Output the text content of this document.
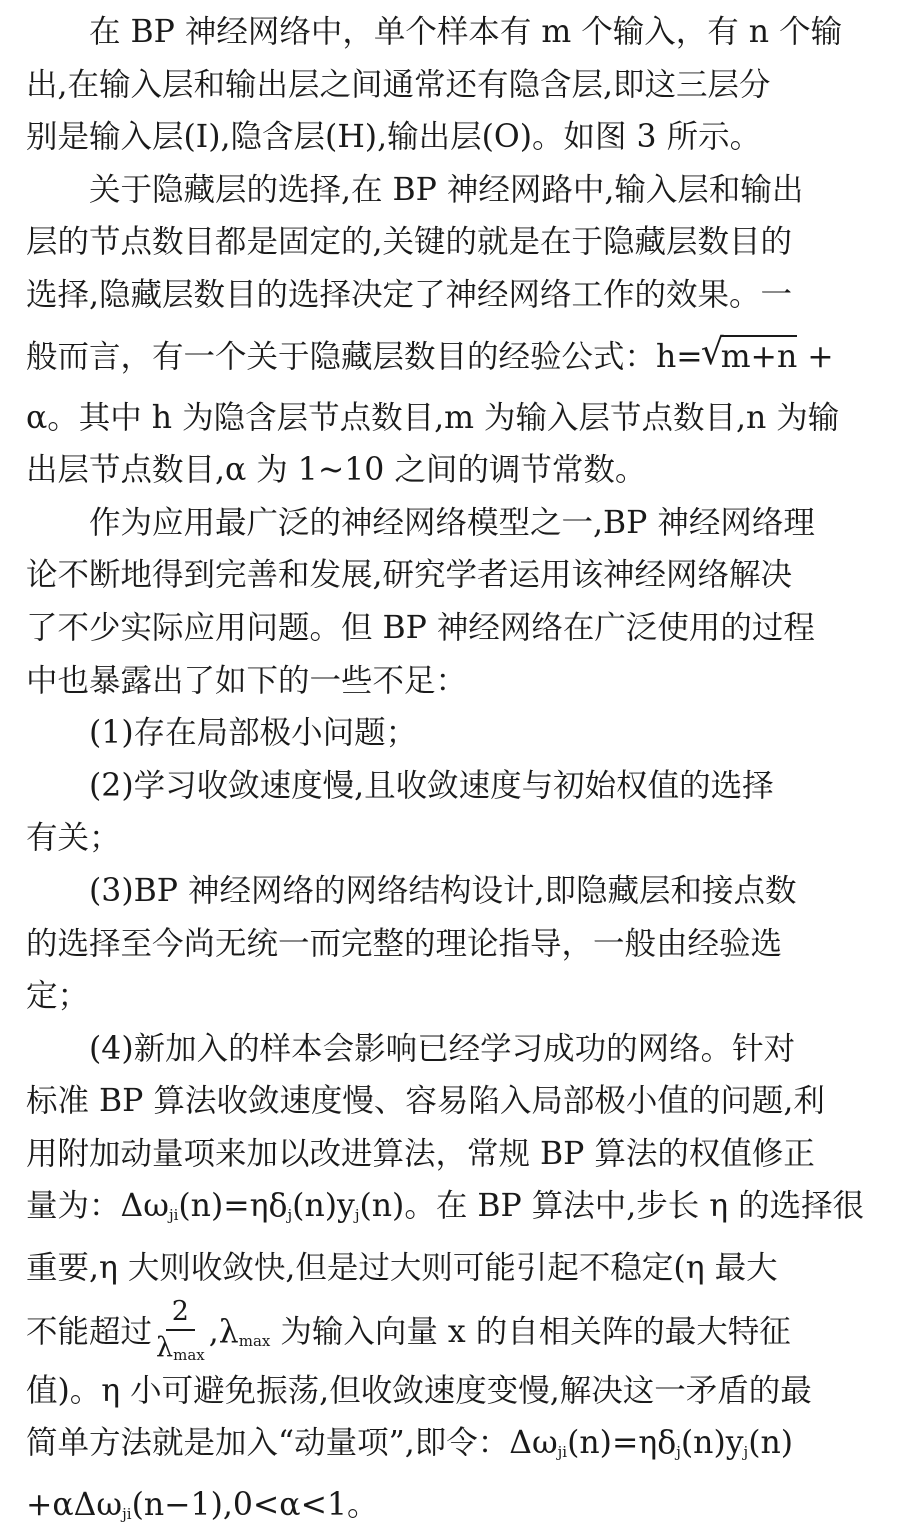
在 BP 神经网络中，单个样本有 m 个输入，有 n 个输
出,在输入层和输出层之间通常还有隐含层,即这三层分
别是输入层(I),隐含层(H),输出层(O)。如图 3 所示。
关于隐藏层的选择,在 BP 神经网路中,输入层和输出
层的节点数目都是固定的,关键的就是在于隐藏层数目的
选择,隐藏层数目的选择决定了神经网络工作的效果。一
般而言，有一个关于隐藏层数目的经验公式：h= √ m+n +
α。其中 h 为隐含层节点数目,m 为输入层节点数目,n 为输
出层节点数目,α 为 1~10 之间的调节常数。
作为应用最广泛的神经网络模型之一,BP 神经网络理
论不断地得到完善和发展,研究学者运用该神经网络解决
了不少实际应用问题。但 BP 神经网络在广泛使用的过程
中也暴露出了如下的一些不足：
(1)存在局部极小问题；
(2)学习收敛速度慢,且收敛速度与初始权值的选择
有关；
(3)BP 神经网络的网络结构设计,即隐藏层和接点数
的选择至今尚无统一而完整的理论指导，一般由经验选
定；
(4)新加入的样本会影响已经学习成功的网络。针对
标准 BP 算法收敛速度慢、容易陷入局部极小值的问题,利
用附加动量项来加以改进算法，常规 BP 算法的权值修正
量为：$\Delta\omega_{ji}(n)=\eta\delta_j(n)y_j(n)$。在 BP 算法中,步长 η 的选择很
重要,η 大则收敛快,但是过大则可能引起不稳定(η 最大
不能超过 $\frac{2}{\lambda_{max}} ,\lambda_{max}$ 为输入向量 x 的自相关阵的最大特征
值)。η 小可避免振荡,但收敛速度变慢,解决这一矛盾的最
简单方法就是加入“动量项”,即令：$\Delta\omega_{ji}(n)=\eta\delta_j(n)y_j(n)$
+αΔω$_{ji}$(n−1),0<α<1。
